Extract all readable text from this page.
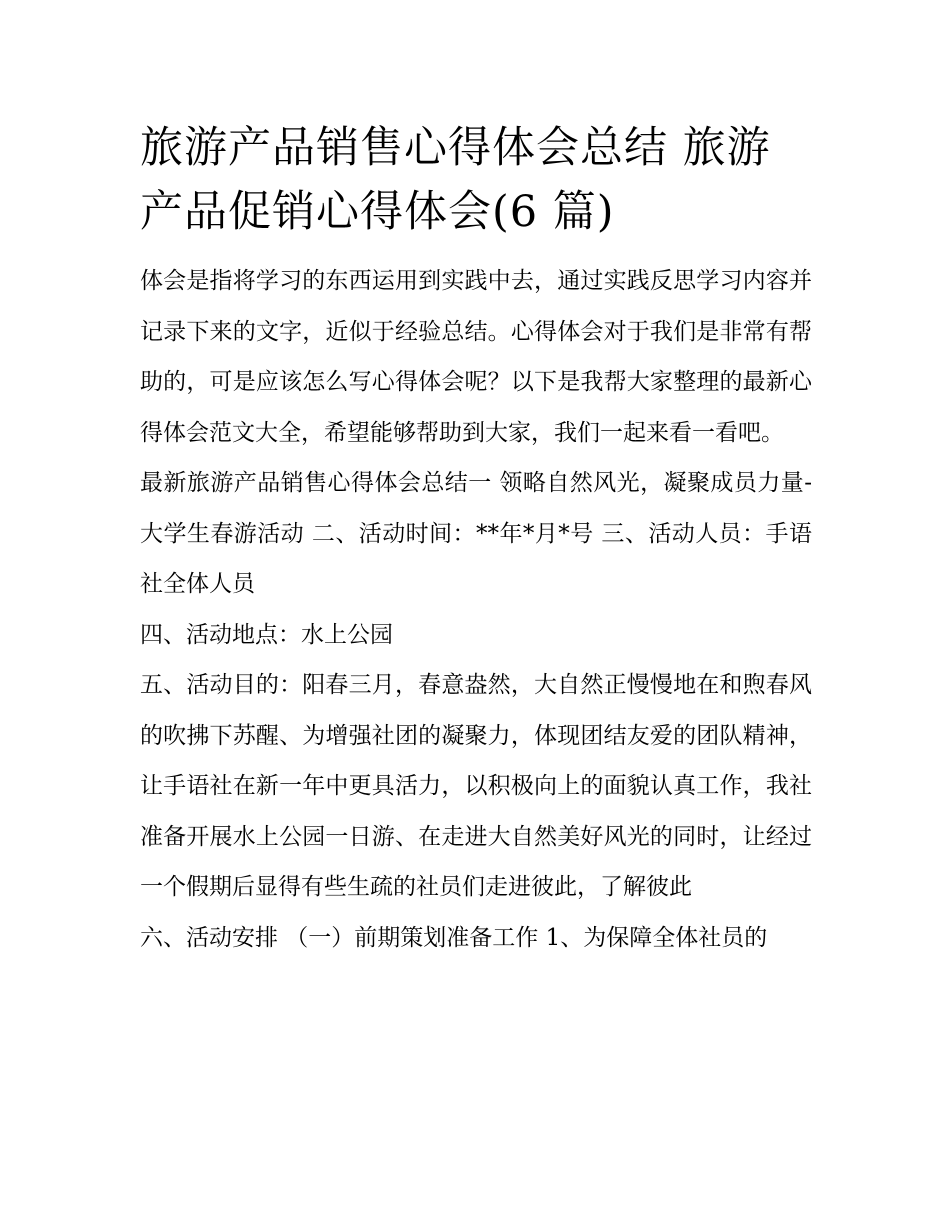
旅游产品销售心得体会总结 旅游产品促销心得体会(6 篇)

体会是指将学习的东西运用到实践中去，通过实践反思学习内容并记录下来的文字，近似于经验总结。心得体会对于我们是非常有帮助的，可是应该怎么写心得体会呢？以下是我帮大家整理的最新心得体会范文大全，希望能够帮助到大家，我们一起来看一看吧。

最新旅游产品销售心得体会总结一 领略自然风光，凝聚成员力量-大学生春游活动 二、活动时间：**年*月*号 三、活动人员：手语社全体人员

四、活动地点：水上公园

五、活动目的：阳春三月，春意盎然，大自然正慢慢地在和煦春风的吹拂下苏醒、为增强社团的凝聚力，体现团结友爱的团队精神，让手语社在新一年中更具活力，以积极向上的面貌认真工作，我社准备开展水上公园一日游、在走进大自然美好风光的同时，让经过一个假期后显得有些生疏的社员们走进彼此，了解彼此

六、活动安排 （一）前期策划准备工作 1、为保障全体社员的
